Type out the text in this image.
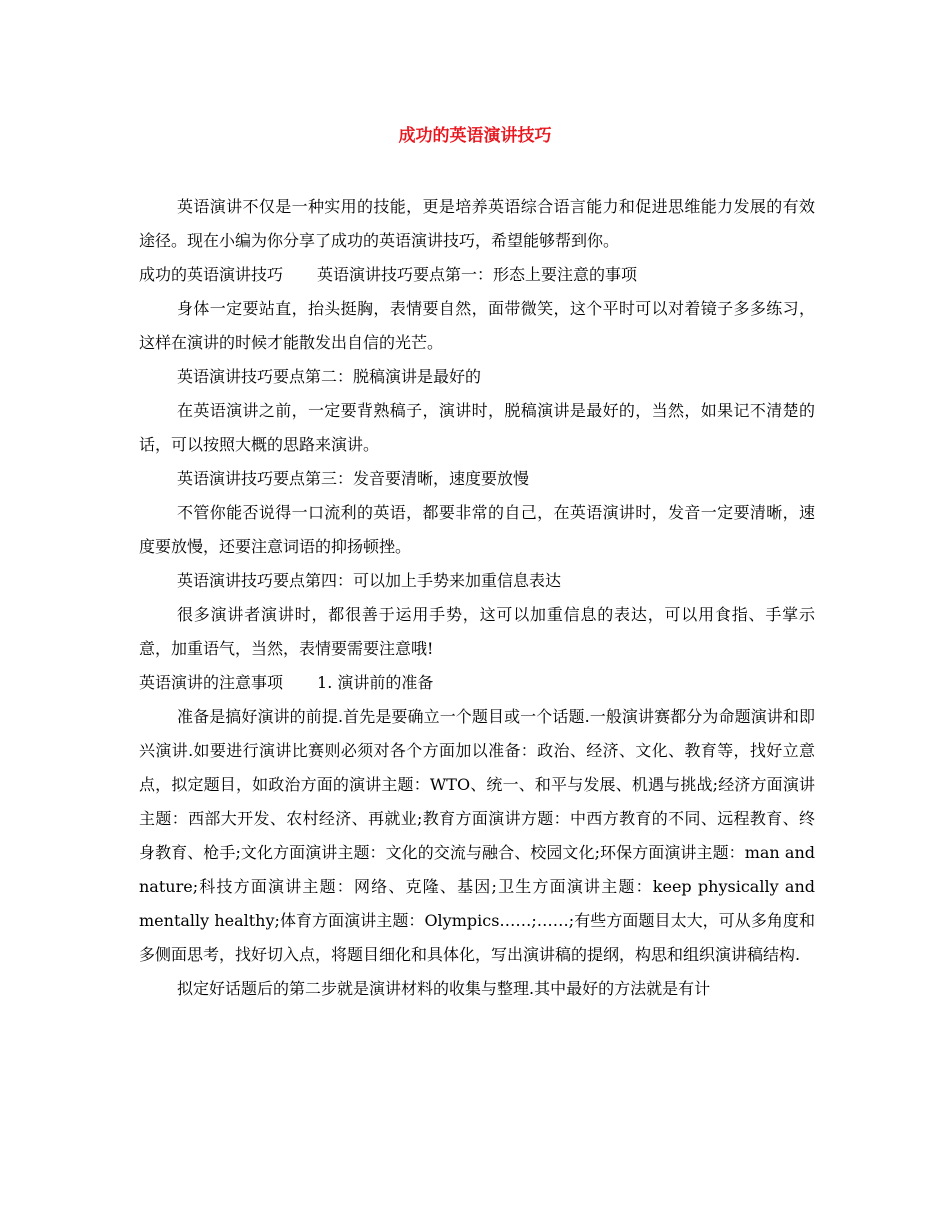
成功的英语演讲技巧

英语演讲不仅是一种实用的技能，更是培养英语综合语言能力和促进思维能力发展的有效途径。现在小编为你分享了成功的英语演讲技巧，希望能够帮到你。

成功的英语演讲技巧 英语演讲技巧要点第一：形态上要注意的事项

身体一定要站直，抬头挺胸，表情要自然，面带微笑，这个平时可以对着镜子多多练习，这样在演讲的时候才能散发出自信的光芒。

英语演讲技巧要点第二：脱稿演讲是最好的

在英语演讲之前，一定要背熟稿子，演讲时，脱稿演讲是最好的，当然，如果记不清楚的话，可以按照大概的思路来演讲。

英语演讲技巧要点第三：发音要清晰，速度要放慢

不管你能否说得一口流利的英语，都要非常的自己，在英语演讲时，发音一定要清晰，速度要放慢，还要注意词语的抑扬顿挫。

英语演讲技巧要点第四：可以加上手势来加重信息表达

很多演讲者演讲时，都很善于运用手势，这可以加重信息的表达，可以用食指、手掌示意，加重语气，当然，表情要需要注意哦!

英语演讲的注意事项 1. 演讲前的准备

准备是搞好演讲的前提.首先是要确立一个题目或一个话题.一般演讲赛都分为命题演讲和即兴演讲.如要进行演讲比赛则必须对各个方面加以准备：政治、经济、文化、教育等，找好立意点，拟定题目，如政治方面的演讲主题：WTO、统一、和平与发展、机遇与挑战;经济方面演讲主题：西部大开发、农村经济、再就业;教育方面演讲方题：中西方教育的不同、远程教育、终身教育、枪手;文化方面演讲主题：文化的交流与融合、校园文化;环保方面演讲主题：man and nature;科技方面演讲主题：网络、克隆、基因;卫生方面演讲主题：keep physically and mentally healthy;体育方面演讲主题：Olympics……;……;有些方面题目太大，可从多角度和多侧面思考，找好切入点，将题目细化和具体化，写出演讲稿的提纲，构思和组织演讲稿结构.

拟定好话题后的第二步就是演讲材料的收集与整理.其中最好的方法就是有计
